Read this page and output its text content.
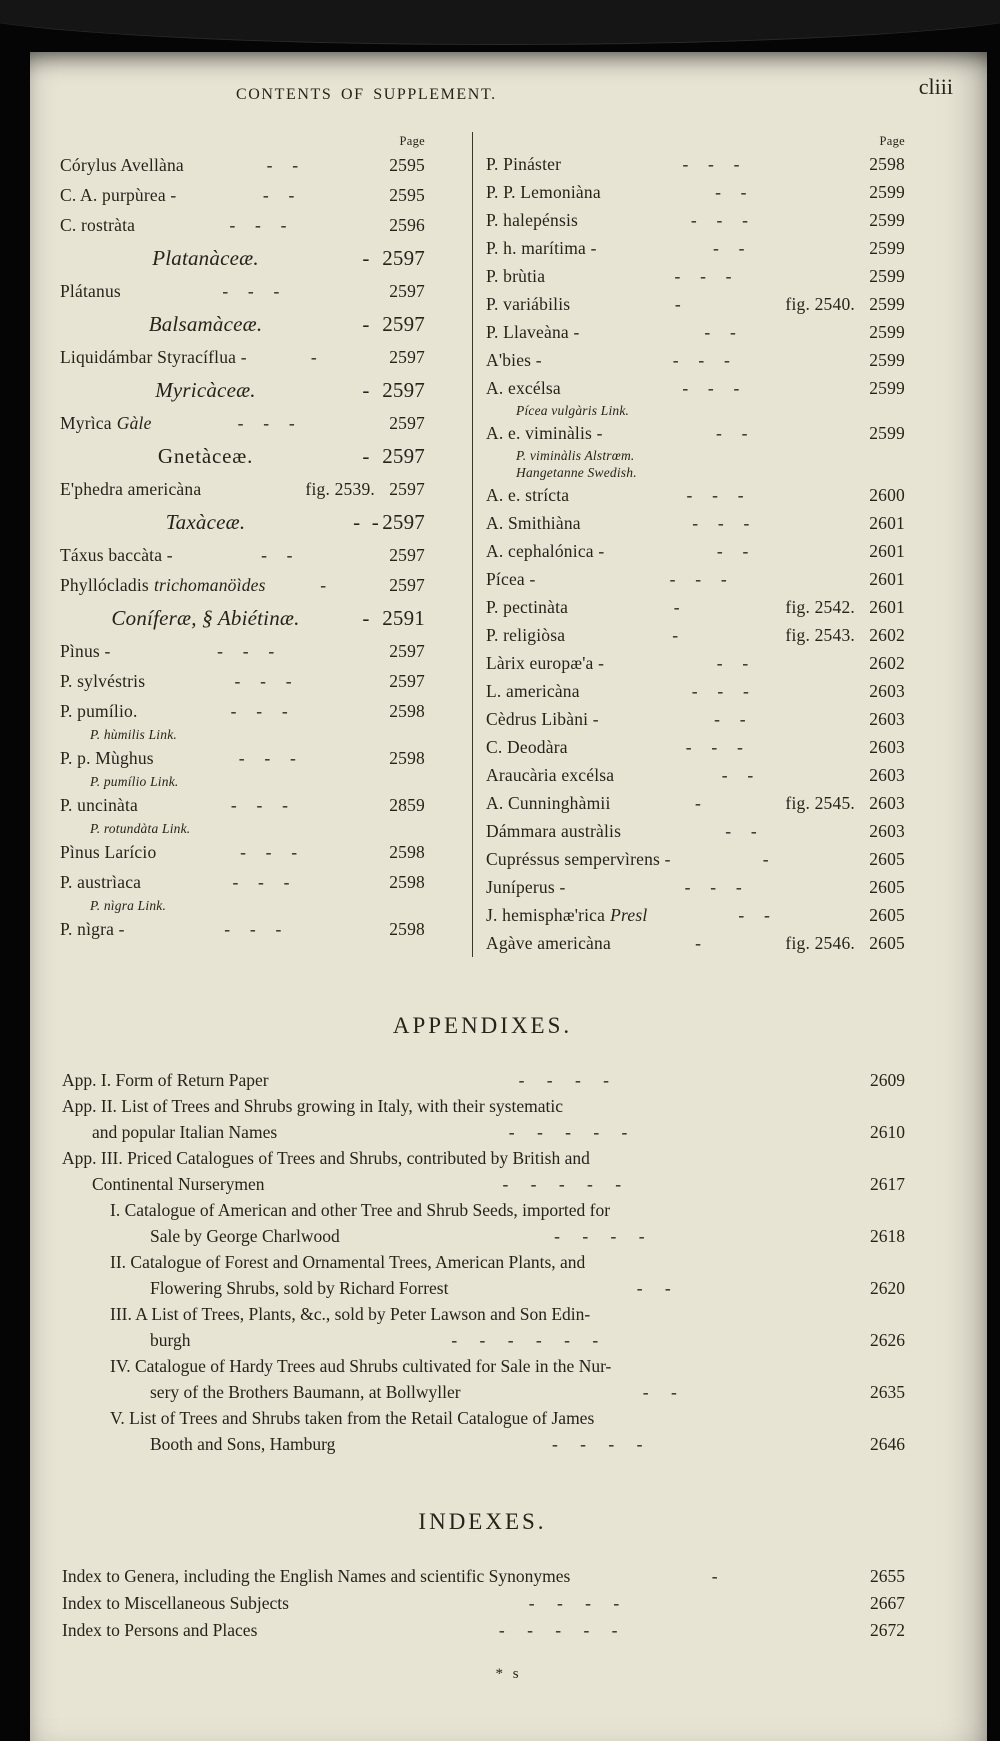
CONTENTS OF SUPPLEMENT.	cliii
Page
Córylus Avellàna	- -	2595
C. A. purpùrea -	- -	2595
C. rostràta	- - -	2596
Platanàceæ.	- 2597
Plátanus	- - -	2597
Balsamàceæ.	- 2597
Liquidámbar Styracíflua -	-	2597
Myricàceæ.	- 2597
Myrìca Gàle	- - -	2597
Gnetàceæ.	- 2597
E'phedra americàna	fig. 2539. 2597
Taxàceæ.	- - 2597
Táxus baccàta -	- -	2597
Phyllócladis trichomanöìdes	-	2597
Coníferæ, § Abiétinæ.	- 2591
Pìnus -	- - -	2597
P. sylvéstris	- - -	2597
P. pumílio.	- - -	2598
P. hùmilis Link.
P. p. Mùghus	- - -	2598
P. pumílio Link.
P. uncinàta	- - -	2859
P. rotundàta Link.
Pìnus Larício	- - -	2598
P. austrìaca	- - -	2598
P. nìgra Link.
P. nìgra -	- - -	2598
Page
P. Pináster	- - -	2598
P. P. Lemoniàna	- -	2599
P. halepénsis	- - -	2599
P. h. marítima -	- -	2599
P. brùtia	- - -	2599
P. variábilis	-	fig. 2540. 2599
P. Llaveàna -	- -	2599
A'bies -	- - -	2599
A. excélsa	- - -	2599
Pícea vulgàris Link.
A. e. viminàlis -	- -	2599
P. viminàlis Alstrœm.
Hangetanne Swedish.
A. e. strícta	- - -	2600
A. Smithiàna	- - -	2601
A. cephalónica -	- -	2601
Pícea -	- - -	2601
P. pectinàta	-	fig. 2542. 2601
P. religiòsa	-	fig. 2543. 2602
Làrix europæ'a -	- -	2602
L. americàna	- - -	2603
Cèdrus Libàni -	- -	2603
C. Deodàra	- - -	2603
Araucària excélsa	- -	2603
A. Cunninghàmii	-	fig. 2545. 2603
Dámmara austràlis	- -	2603
Cupréssus sempervìrens -	-	2605
Juníperus -	- - -	2605
J. hemisphæ'rica Presl	- -	2605
Agàve americàna	-	fig. 2546. 2605
APPENDIXES.
App. I. Form of Return Paper	- - - -	2609
App. II. List of Trees and Shrubs growing in Italy, with their systematic
and popular Italian Names	- - - - -	2610
App. III. Priced Catalogues of Trees and Shrubs, contributed by British and
Continental Nurserymen	- - - - -	2617
I. Catalogue of American and other Tree and Shrub Seeds, imported for
Sale by George Charlwood	- - - -	2618
II. Catalogue of Forest and Ornamental Trees, American Plants, and
Flowering Shrubs, sold by Richard Forrest	- -	2620
III. A List of Trees, Plants, &c., sold by Peter Lawson and Son Edin-
burgh	- - - - - -	2626
IV. Catalogue of Hardy Trees aud Shrubs cultivated for Sale in the Nur-
sery of the Brothers Baumann, at Bollwyller	- -	2635
V. List of Trees and Shrubs taken from the Retail Catalogue of James
Booth and Sons, Hamburg	- - - -	2646
INDEXES.
Index to Genera, including the English Names and scientific Synonymes	-	2655
Index to Miscellaneous Subjects	- - - -	2667
Index to Persons and Places	- - - - -	2672
* s
